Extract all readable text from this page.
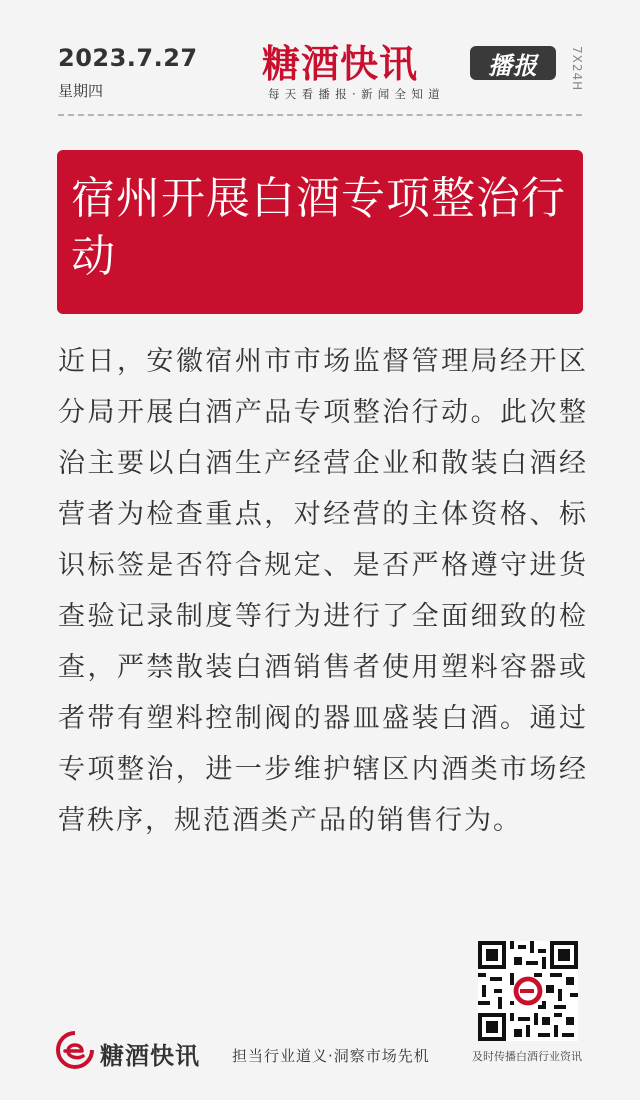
2023.7.27
星期四
糖酒快讯	播报
每天看播报·新闻全知道
7X24H
宿州开展白酒专项整治行动

近日，安徽宿州市市场监督管理局经开区分局开展白酒产品专项整治行动。此次整治主要以白酒生产经营企业和散装白酒经营者为检查重点，对经营的主体资格、标识标签是否符合规定、是否严格遵守进货查验记录制度等行为进行了全面细致的检查，严禁散装白酒销售者使用塑料容器或者带有塑料控制阀的器皿盛装白酒。通过专项整治，进一步维护辖区内酒类市场经营秩序，规范酒类产品的销售行为。

糖酒快讯 担当行业道义·洞察市场先机	及时传播白酒行业资讯
